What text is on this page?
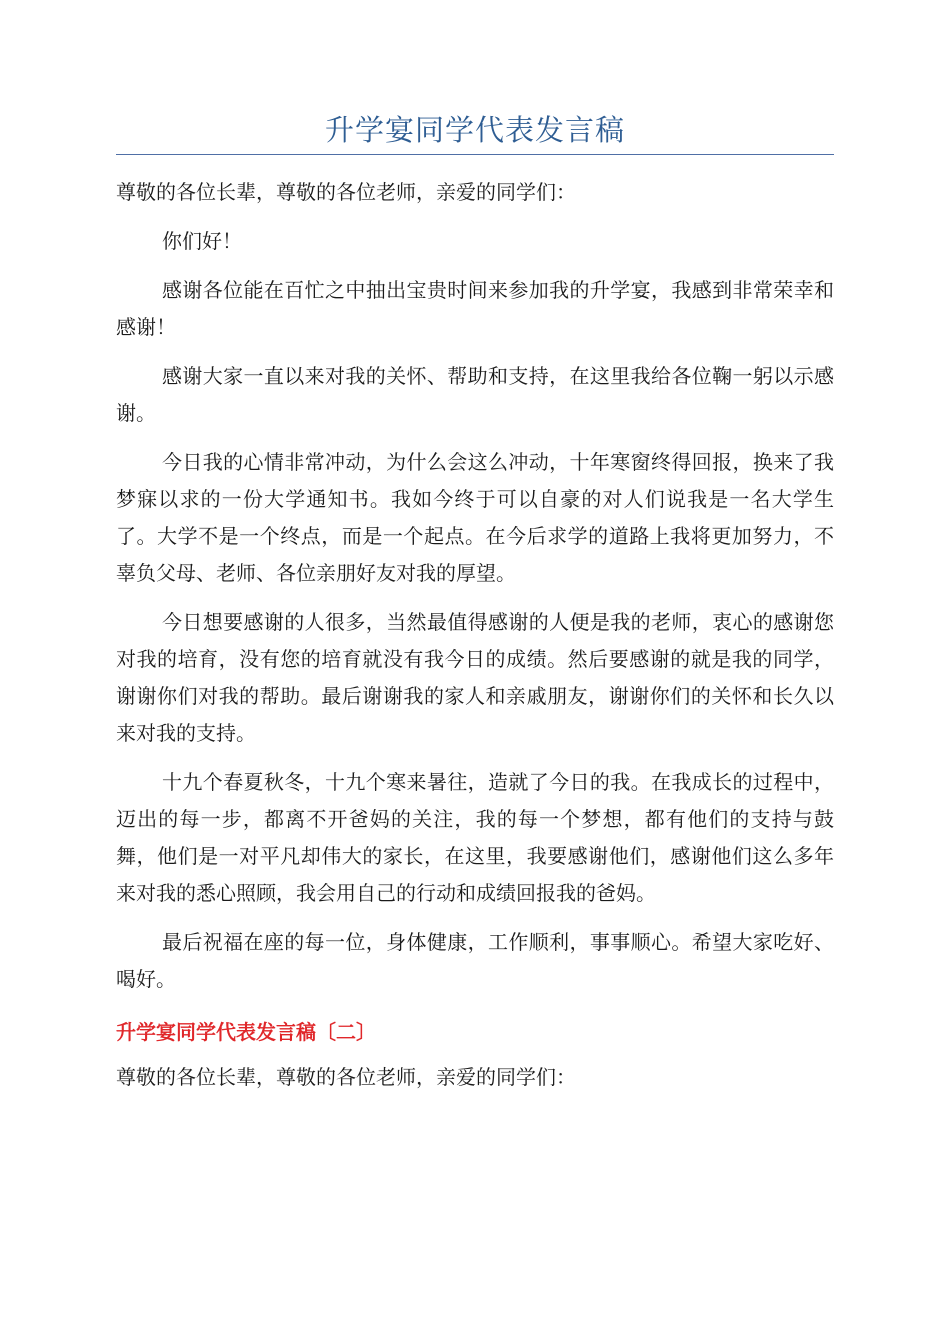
升学宴同学代表发言稿

尊敬的各位长辈，尊敬的各位老师，亲爱的同学们：

你们好！

感谢各位能在百忙之中抽出宝贵时间来参加我的升学宴，我感到非常荣幸和感谢！

感谢大家一直以来对我的关怀、帮助和支持，在这里我给各位鞠一躬以示感谢。

今日我的心情非常冲动，为什么会这么冲动，十年寒窗终得回报，换来了我梦寐以求的一份大学通知书。我如今终于可以自豪的对人们说我是一名大学生了。大学不是一个终点，而是一个起点。在今后求学的道路上我将更加努力，不辜负父母、老师、各位亲朋好友对我的厚望。

今日想要感谢的人很多，当然最值得感谢的人便是我的老师，衷心的感谢您对我的培育，没有您的培育就没有我今日的成绩。然后要感谢的就是我的同学，谢谢你们对我的帮助。最后谢谢我的家人和亲戚朋友，谢谢你们的关怀和长久以来对我的支持。

十九个春夏秋冬，十九个寒来暑往，造就了今日的我。在我成长的过程中，迈出的每一步，都离不开爸妈的关注，我的每一个梦想，都有他们的支持与鼓舞，他们是一对平凡却伟大的家长，在这里，我要感谢他们，感谢他们这么多年来对我的悉心照顾，我会用自己的行动和成绩回报我的爸妈。

最后祝福在座的每一位，身体健康，工作顺利，事事顺心。希望大家吃好、喝好。

升学宴同学代表发言稿〔二〕

尊敬的各位长辈，尊敬的各位老师，亲爱的同学们：
